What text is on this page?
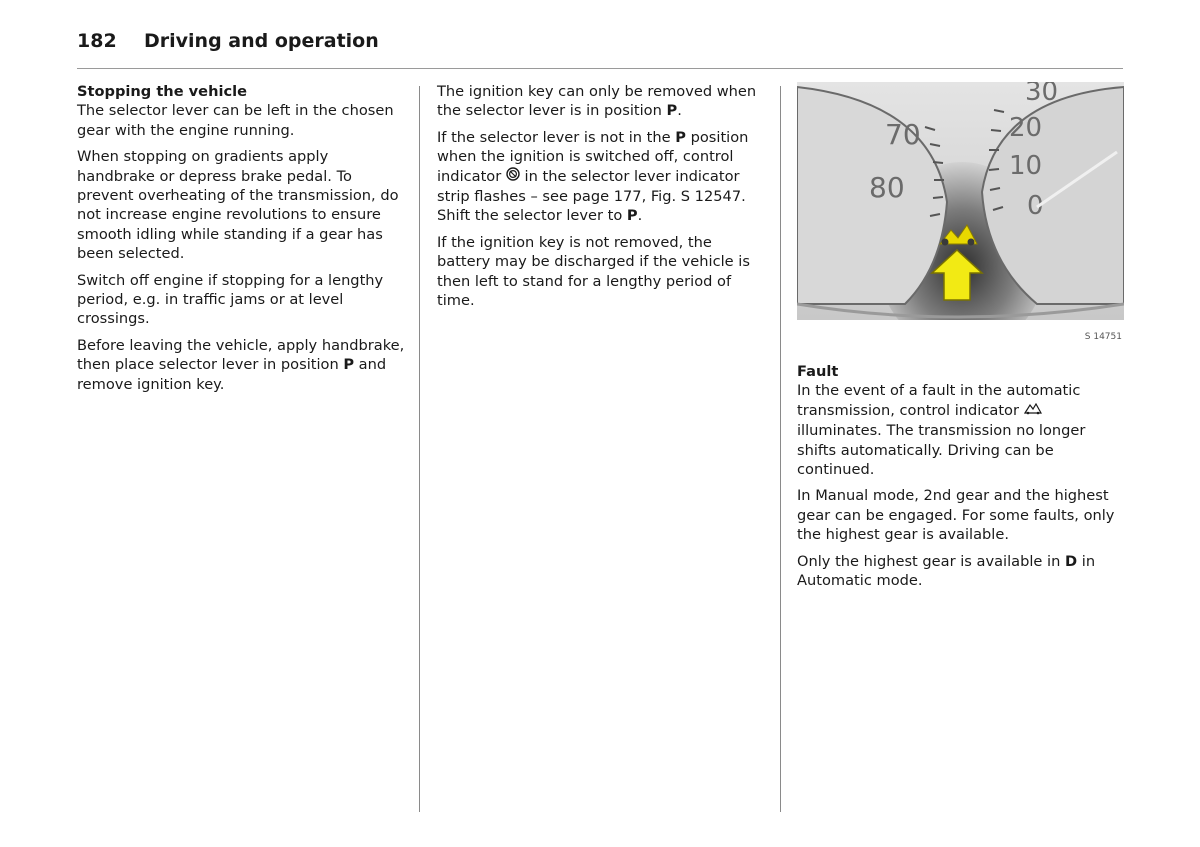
182 Driving and operation
Stopping the vehicle

The selector lever can be left in the chosen gear with the engine running.

When stopping on gradients apply handbrake or depress brake pedal. To prevent overheating of the transmission, do not increase engine revolutions to ensure smooth idling while standing if a gear has been selected.

Switch off engine if stopping for a lengthy period, e.g. in traffic jams or at level crossings.

Before leaving the vehicle, apply handbrake, then place selector lever in position P and remove ignition key.

The ignition key can only be removed when the selector lever is in position P.

If the selector lever is not in the P position when the ignition is switched off, control indicator  in the selector lever indicator strip flashes – see page 177, Fig. S 12547. Shift the selector lever to P.

If the ignition key is not removed, the battery may be discharged if the vehicle is then left to stand for a lengthy period of time.

70
80
30
20
10
0
S 14751
Fault

In the event of a fault in the automatic transmission, control indicator  illuminates. The transmission no longer shifts automatically. Driving can be continued.

In Manual mode, 2nd gear and the highest gear can be engaged. For some faults, only the highest gear is available.

Only the highest gear is available in D in Automatic mode.
